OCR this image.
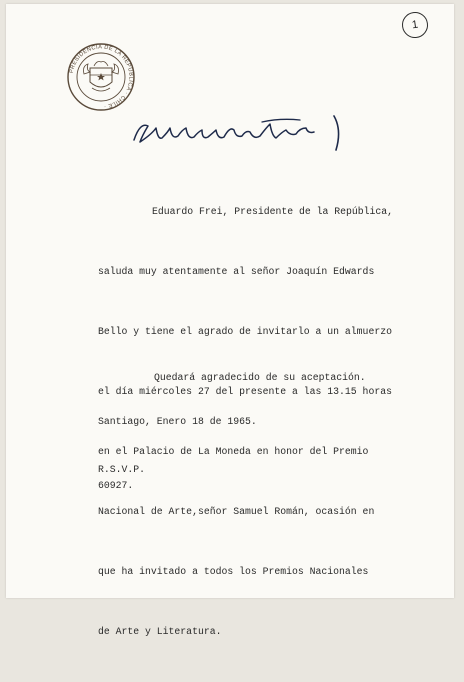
1
PRESIDENCIA DE LA REPUBLICA · CHILE ·

Eduardo Frei, Presidente de la República,

saluda muy atentamente al señor Joaquín Edwards

Bello y tiene el agrado de invitarlo a un almuerzo

el día miércoles 27 del presente a las 13.15 horas

en el Palacio de La Moneda en honor del Premio

Nacional de Arte,señor Samuel Román, ocasión en

que ha invitado a todos los Premios Nacionales

de Arte y Literatura.

Quedará agradecido de su aceptación.
Santiago, Enero 18 de 1965.
R.S.V.P.
60927.
